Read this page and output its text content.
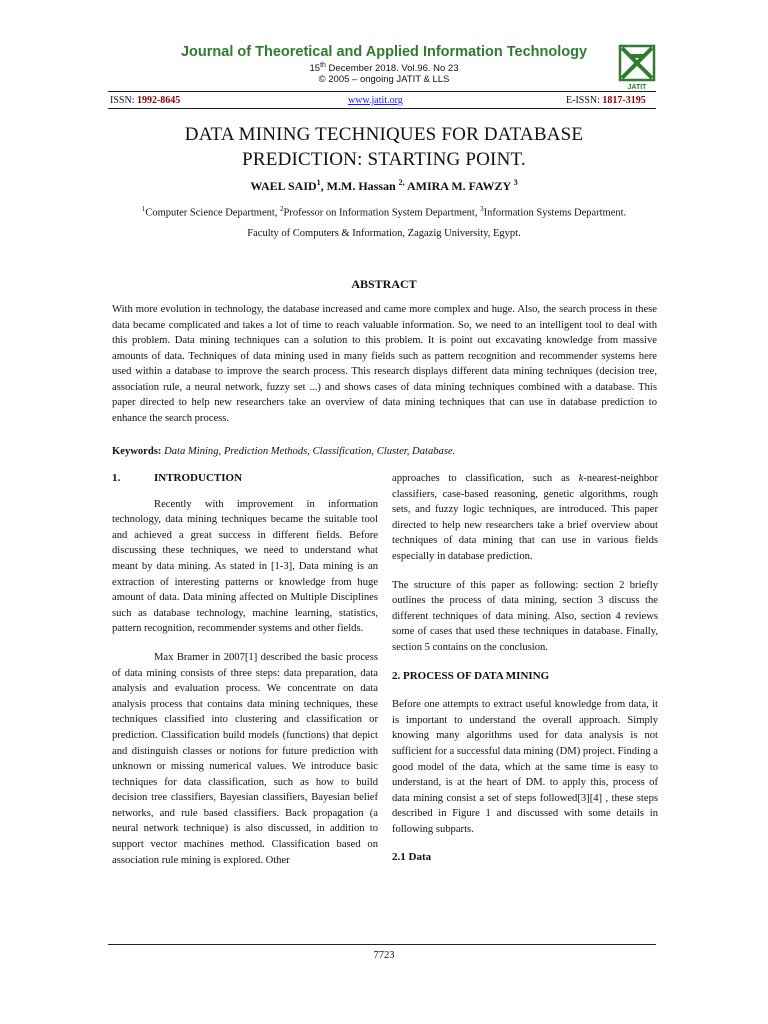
Journal of Theoretical and Applied Information Technology
15th December 2018. Vol.96. No 23
© 2005 – ongoing JATIT & LLS
JATIT
ISSN: 1992-8645	www.jatit.org	E-ISSN: 1817-3195
DATA MINING TECHNIQUES FOR DATABASE
PREDICTION: STARTING POINT.
WAEL SAID$^1$, M.M. Hassan $^{2,}$ AMIRA M. FAWZY $^3$
$^1$Computer Science Department, $^2$Professor on Information System Department, $^3$Information Systems Department.
Faculty of Computers & Information, Zagazig University, Egypt.
ABSTRACT
With more evolution in technology, the database increased and came more complex and huge. Also, the search process in these data became complicated and takes a lot of time to reach valuable information. So, we need to an intelligent tool to deal with this problem. Data mining techniques can a solution to this problem. It is point out excavating knowledge from massive amounts of data. Techniques of data mining used in many fields such as pattern recognition and recommender systems here used within a database to improve the search process. This research displays different data mining techniques (decision tree, association rule, a neural network, fuzzy set ...) and shows cases of data mining techniques combined with a database. This paper directed to help new researchers take an overview of data mining techniques that can use in database prediction to enhance the search process.
Keywords: Data Mining, Prediction Methods, Classification, Cluster, Database.

1.	INTRODUCTION

Recently with improvement in information technology, data mining techniques became the suitable tool and achieved a great success in different fields. Before discussing these techniques, we need to understand what meant by data mining. As stated in [1-3], Data mining is an extraction of interesting patterns or knowledge from huge amount of data. Data mining affected on Multiple Disciplines such as database technology, machine learning, statistics, pattern recognition, recommender systems and other fields.

Max Bramer in 2007[1] described the basic process of data mining consists of three steps: data preparation, data analysis and evaluation process. We concentrate on data analysis process that contains data mining techniques, these techniques classified into clustering and classification or prediction. Classification build models (functions) that depict and distinguish classes or notions for future prediction with unknown or missing numerical values. We introduce basic techniques for data classification, such as how to build decision tree classifiers, Bayesian classifiers, Bayesian belief networks, and rule based classifiers. Back propagation (a neural network technique) is also discussed, in addition to support vector machines method. Classification based on association rule mining is explored. Other

approaches to classification, such as k-nearest-neighbor classifiers, case-based reasoning, genetic algorithms, rough sets, and fuzzy logic techniques, are introduced. This paper directed to help new researchers take a brief overview about techniques of data mining that can use in various fields especially in database prediction.

The structure of this paper as following: section 2 briefly outlines the process of data mining, section 3 discuss the different techniques of data mining. Also, section 4 reviews some of cases that used these techniques in database. Finally, section 5 contains on the conclusion.

2. PROCESS OF DATA MINING

Before one attempts to extract useful knowledge from data, it is important to understand the overall approach. Simply knowing many algorithms used for data analysis is not sufficient for a successful data mining (DM) project. Finding a good model of the data, which at the same time is easy to understand, is at the heart of DM. to apply this, process of data mining consist a set of steps followed[3][4] , these steps described in Figure 1 and discussed with some details in following subparts.

2.1 Data

7723
